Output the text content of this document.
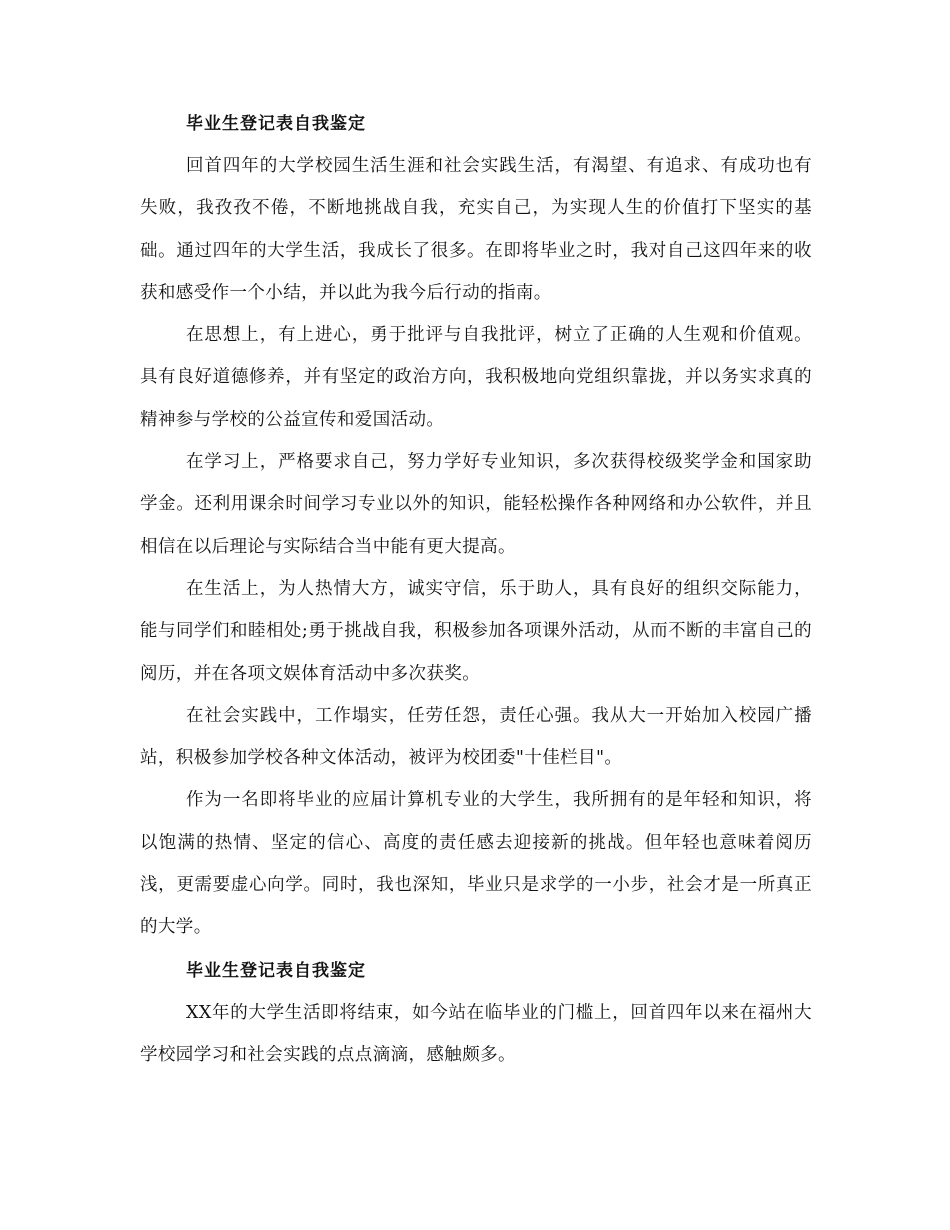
毕业生登记表自我鉴定

回首四年的大学校园生活生涯和社会实践生活，有渴望、有追求、有成功也有失败，我孜孜不倦，不断地挑战自我，充实自己，为实现人生的价值打下坚实的基础。通过四年的大学生活，我成长了很多。在即将毕业之时，我对自己这四年来的收获和感受作一个小结，并以此为我今后行动的指南。

在思想上，有上进心，勇于批评与自我批评，树立了正确的人生观和价值观。具有良好道德修养，并有坚定的政治方向，我积极地向党组织靠拢，并以务实求真的精神参与学校的公益宣传和爱国活动。

在学习上，严格要求自己，努力学好专业知识，多次获得校级奖学金和国家助学金。还利用课余时间学习专业以外的知识，能轻松操作各种网络和办公软件，并且相信在以后理论与实际结合当中能有更大提高。

在生活上，为人热情大方，诚实守信，乐于助人，具有良好的组织交际能力，能与同学们和睦相处;勇于挑战自我，积极参加各项课外活动，从而不断的丰富自己的阅历，并在各项文娱体育活动中多次获奖。

在社会实践中，工作塌实，任劳任怨，责任心强。我从大一开始加入校园广播站，积极参加学校各种文体活动，被评为校团委"十佳栏目"。

作为一名即将毕业的应届计算机专业的大学生，我所拥有的是年轻和知识，将以饱满的热情、坚定的信心、高度的责任感去迎接新的挑战。但年轻也意味着阅历浅，更需要虚心向学。同时，我也深知，毕业只是求学的一小步，社会才是一所真正的大学。

毕业生登记表自我鉴定

XX年的大学生活即将结束，如今站在临毕业的门槛上，回首四年以来在福州大学校园学习和社会实践的点点滴滴，感触颇多。
